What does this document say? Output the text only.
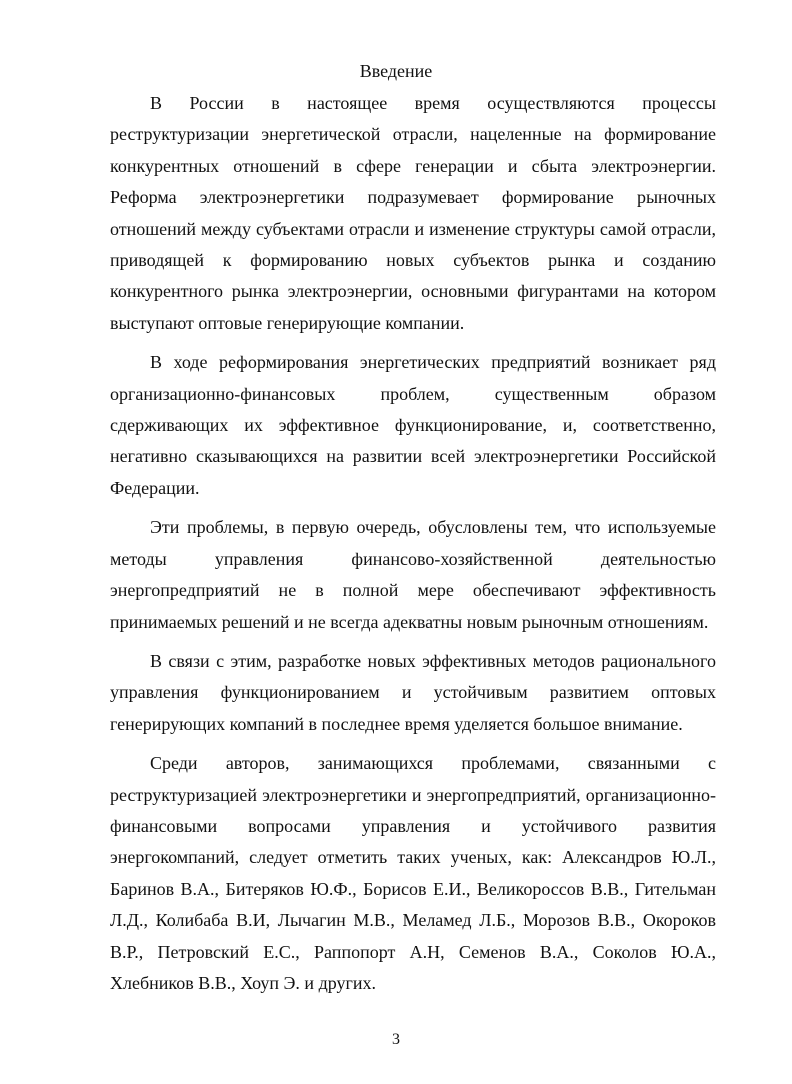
Введение

В России в настоящее время осуществляются процессы реструктуризации энергетической отрасли, нацеленные на формирование конкурентных отношений в сфере генерации и сбыта электроэнергии. Реформа электроэнергетики подразумевает формирование рыночных отношений между субъектами отрасли и изменение структуры самой отрасли, приводящей к формированию новых субъектов рынка и созданию конкурентного рынка электроэнергии, основными фигурантами на котором выступают оптовые генерирующие компании.

В ходе реформирования энергетических предприятий возникает ряд организационно-финансовых проблем, существенным образом сдерживающих их эффективное функционирование, и, соответственно, негативно сказывающихся на развитии всей электроэнергетики Российской Федерации.

Эти проблемы, в первую очередь, обусловлены тем, что используемые методы управления финансово-хозяйственной деятельностью энергопредприятий не в полной мере обеспечивают эффективность принимаемых решений и не всегда адекватны новым рыночным отношениям.

В связи с этим, разработке новых эффективных методов рационального управления функционированием и устойчивым развитием оптовых генерирующих компаний в последнее время уделяется большое внимание.

Среди авторов, занимающихся проблемами, связанными с реструктуризацией электроэнергетики и энергопредприятий, организационно-финансовыми вопросами управления и устойчивого развития энергокомпаний, следует отметить таких ученых, как: Александров Ю.Л., Баринов В.А., Битеряков Ю.Ф., Борисов Е.И., Великороссов В.В., Гительман Л.Д., Колибаба В.И, Лычагин М.В., Меламед Л.Б., Морозов В.В., Окороков В.Р., Петровский Е.С., Раппопорт А.Н, Семенов В.А., Соколов Ю.А., Хлебников В.В., Хоуп Э. и других.

3
